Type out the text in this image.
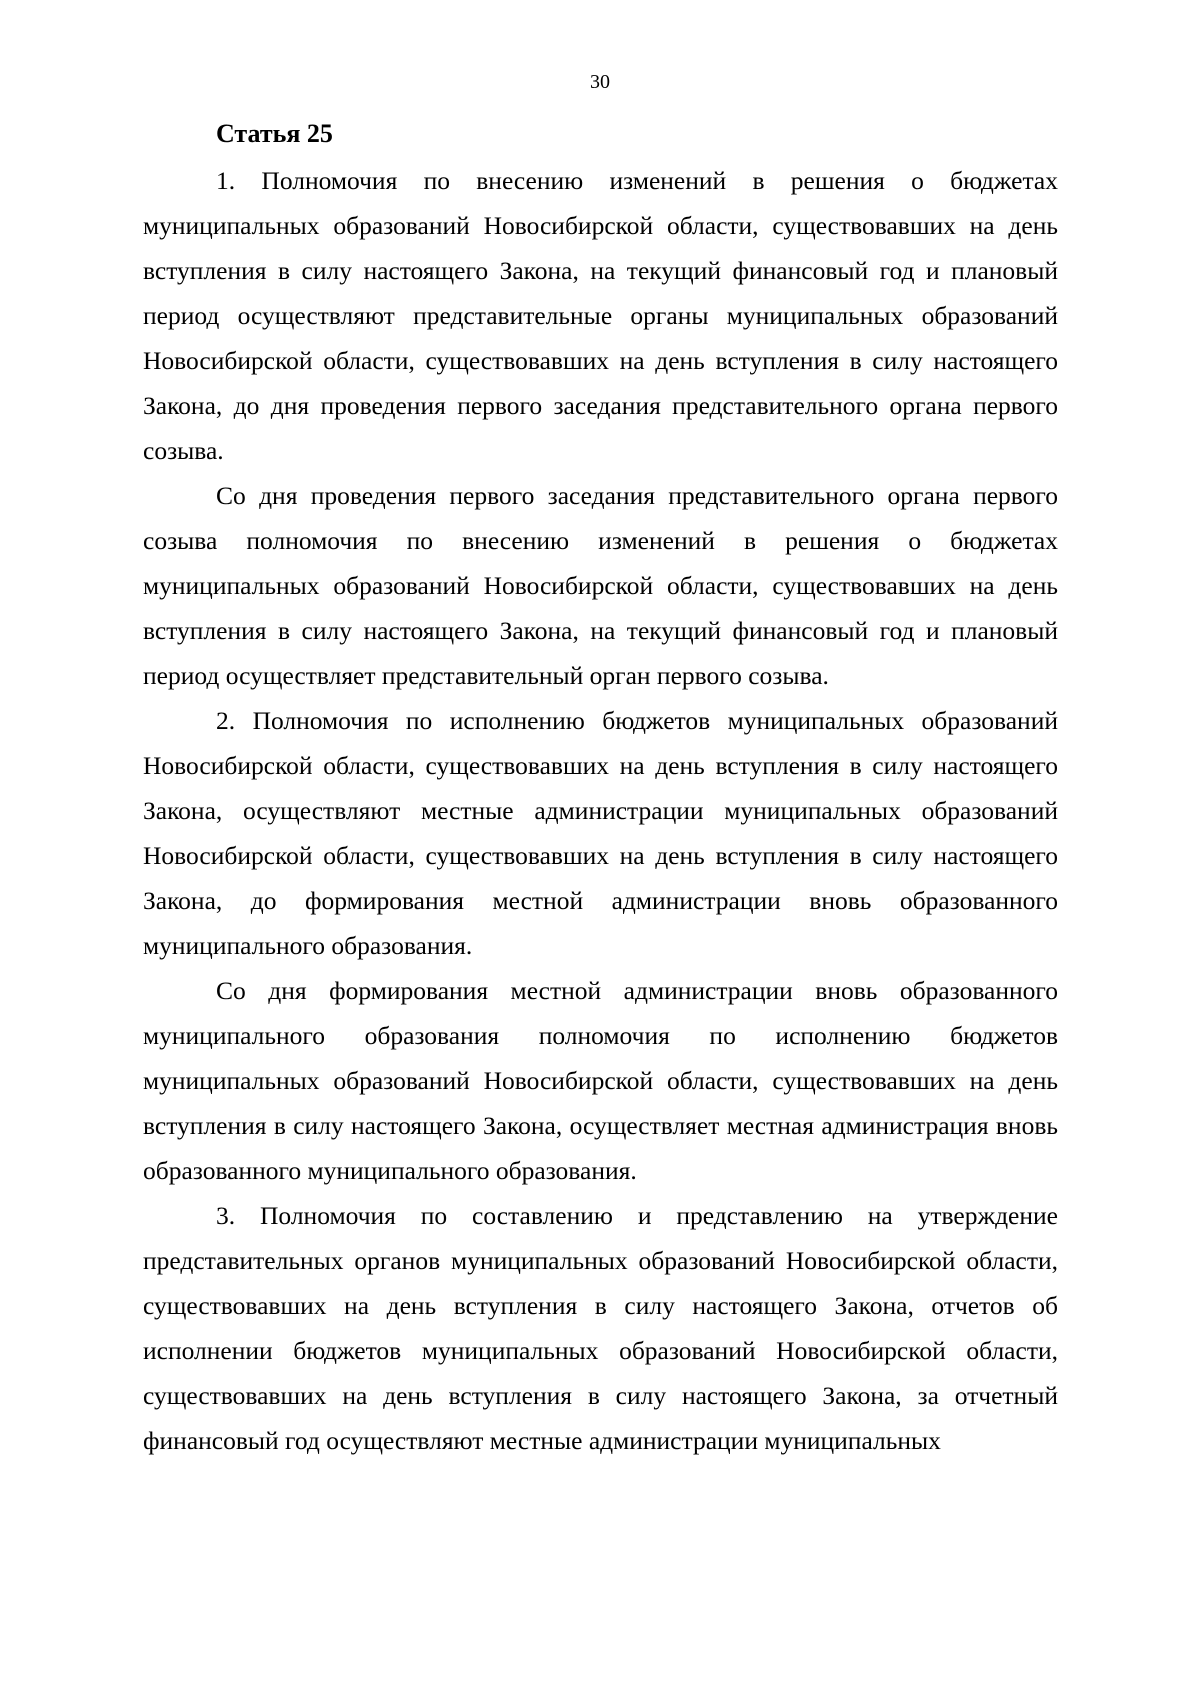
30
Статья 25

1. Полномочия по внесению изменений в решения о бюджетах муниципальных образований Новосибирской области, существовавших на день вступления в силу настоящего Закона, на текущий финансовый год и плановый период осуществляют представительные органы муниципальных образований Новосибирской области, существовавших на день вступления в силу настоящего Закона, до дня проведения первого заседания представительного органа первого созыва.

Со дня проведения первого заседания представительного органа первого созыва полномочия по внесению изменений в решения о бюджетах муниципальных образований Новосибирской области, существовавших на день вступления в силу настоящего Закона, на текущий финансовый год и плановый период осуществляет представительный орган первого созыва.

2. Полномочия по исполнению бюджетов муниципальных образований Новосибирской области, существовавших на день вступления в силу настоящего Закона, осуществляют местные администрации муниципальных образований Новосибирской области, существовавших на день вступления в силу настоящего Закона, до формирования местной администрации вновь образованного муниципального образования.

Со дня формирования местной администрации вновь образованного муниципального образования полномочия по исполнению бюджетов муниципальных образований Новосибирской области, существовавших на день вступления в силу настоящего Закона, осуществляет местная администрация вновь образованного муниципального образования.

3. Полномочия по составлению и представлению на утверждение представительных органов муниципальных образований Новосибирской области, существовавших на день вступления в силу настоящего Закона, отчетов об исполнении бюджетов муниципальных образований Новосибирской области, существовавших на день вступления в силу настоящего Закона, за отчетный финансовый год осуществляют местные администрации муниципальных
